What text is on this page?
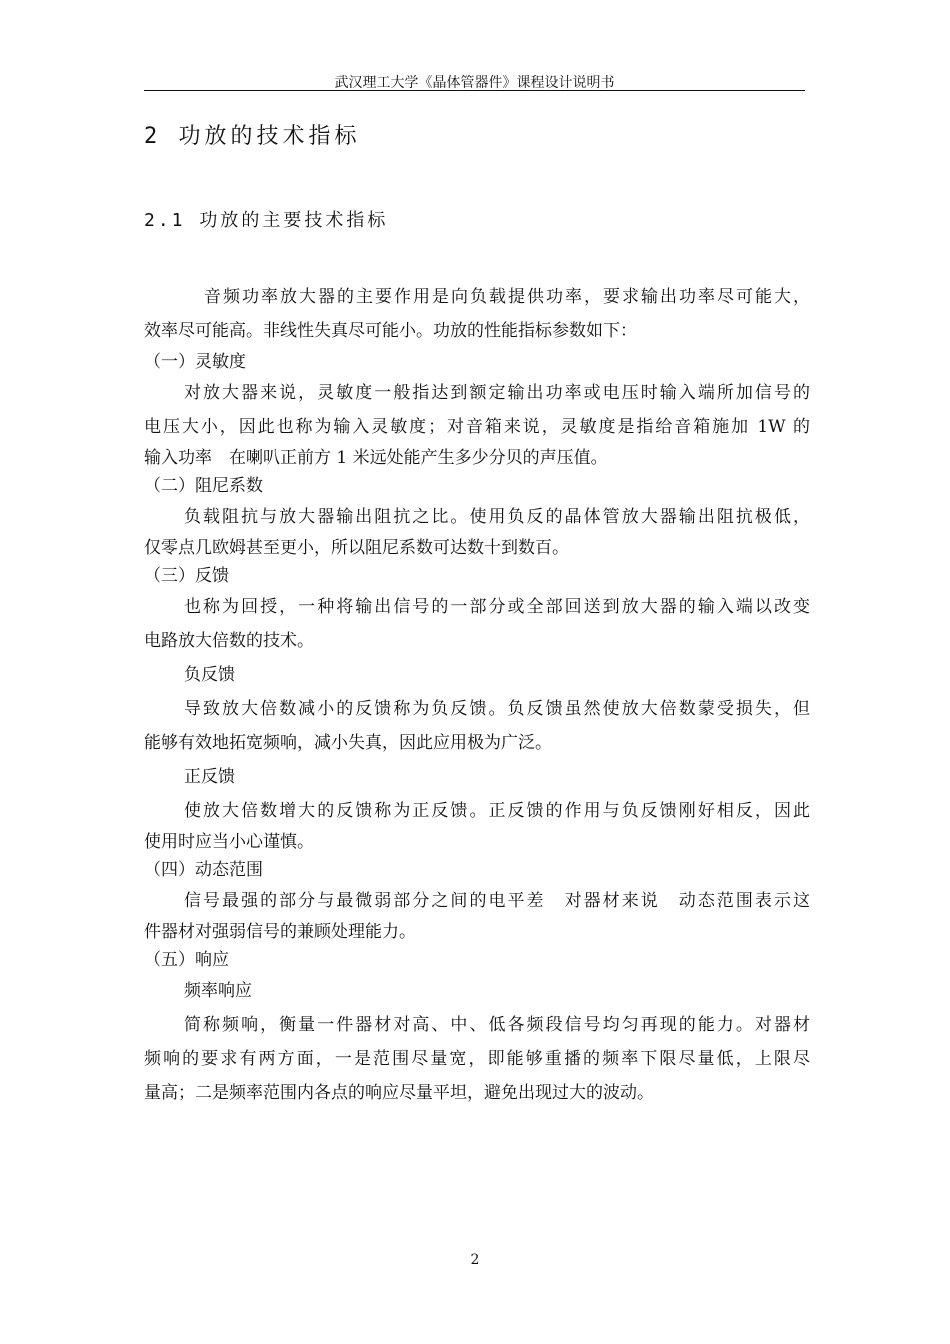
武汉理工大学《晶体管器件》课程设计说明书
2 功放的技术指标
2.1 功放的主要技术指标
音频功率放大器的主要作用是向负载提供功率，要求输出功率尽可能大，
效率尽可能高。非线性失真尽可能小。功放的性能指标参数如下：
（一）灵敏度
对放大器来说，灵敏度一般指达到额定输出功率或电压时输入端所加信号的
电压大小，因此也称为输入灵敏度；对音箱来说，灵敏度是指给音箱施加 1W 的
输入功率　在喇叭正前方 1 米远处能产生多少分贝的声压值。
（二）阻尼系数
负载阻抗与放大器输出阻抗之比。使用负反的晶体管放大器输出阻抗极低，
仅零点几欧姆甚至更小，所以阻尼系数可达数十到数百。
（三）反馈
也称为回授，一种将输出信号的一部分或全部回送到放大器的输入端以改变
电路放大倍数的技术。
负反馈
导致放大倍数减小的反馈称为负反馈。负反馈虽然使放大倍数蒙受损失，但
能够有效地拓宽频响，减小失真，因此应用极为广泛。
正反馈
使放大倍数增大的反馈称为正反馈。正反馈的作用与负反馈刚好相反，因此
使用时应当小心谨慎。
（四）动态范围
信号最强的部分与最微弱部分之间的电平差　对器材来说　动态范围表示这
件器材对强弱信号的兼顾处理能力。
（五）响应
频率响应
简称频响，衡量一件器材对高、中、低各频段信号均匀再现的能力。对器材
频响的要求有两方面，一是范围尽量宽，即能够重播的频率下限尽量低，上限尽
量高；二是频率范围内各点的响应尽量平坦，避免出现过大的波动。
2
